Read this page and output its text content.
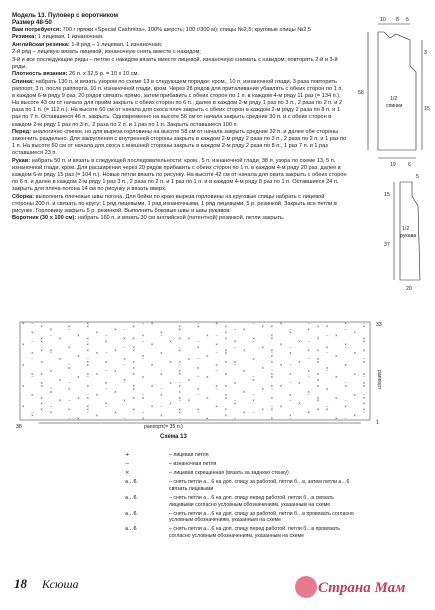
Модель 13. Пуловер с воротником

Размер 48-50

Вам потребуется: 700 г пряжи «Special Cashmira», 100% шерсть; 100 г/300 м); спицы №2,5; круговые спицы №2,5

Резинка: 1 лицевая, 1 изнаночная.

Английская резинка: 1-й ряд – 1 лицевая, 1 изнаночная;

2-й ряд – лицевую вязать лицевой, изнаночную снять вместе с накидом;

3-й и все последующие ряды – петлю с накидом вязать вместе лицевой, изнаночную снимать с накидом; повторять 2-й и 3-й ряды.

Плотность вязания: 26 п. х 32,5 р. = 10 х 10 см.

Спинка: набрать 130 п. и вязать узором по схеме 13 в следующем порядке: кром., 10 п. изнаночной глади, 3 раза повторить раппорт, 3 п. после раппорта, 10 п. изнаночной глади, кром. Через 28 рядов для приталивания убавлять с обеих сторон по 1 п. в каждом 6-м ряду 9 раз. 20 рядов связать прямо, затем прибавить с обеих сторон по 1 п. в каждом 4-м ряду 11 раз (= 134 п.). На высоте 43 см от начала для пройм закрыть с обеих сторон по 6 п., далее в каждом 2-м ряду 1 раз по 3 п., 2 раза по 2 п. и 2 раза по 1 п. (= 112 п.). На высоте 60 см от начала для скоса плеч закрыть с обеих сторон в каждом 2-м ряду 2 раза по 8 п. и 1 раз по 7 п. Оставшиеся 46 п. закрыть. Одновременно на высоте 56 см от начала закрыть средние 30 п. и с обеих сторон в каждом 2-м ряду 1 раз по 3 п., 2 раза по 2 п. и 1 раз по 1 п. Закрыть оставшиеся 100 п.

Перед: аналогично спинке, но для выреза горловины на высоте 58 см от начала закрыть средние 32 п. и далее обе стороны закончить раздельно. Для закругления с внутренней стороны закрыть в каждом 2-м ряду 2 раза по 3 п., 2 раза по 2 п. и 1 раз по 1 п. На высоте 60 см от начала для скоса с внешней стороны закрыть в каждом 2-м ряду 2 раза по 8 п., 1 раз 7 п. и 1 раз оставшиеся 23 п.

Рукав: набрать 50 п. и вязать в следующей последовательности: кром., 5 п. изнаночной глади, 38 п. узора по схеме 13, 5 п. изнаночной глади, кром. Для расширения через 20 рядов прибавить с обеих сторон по 1 п. в каждом 4-м ряду 20 раз, далее в каждом 6-м ряду 15 раз (= 104 п.). Новые петли вязать по рисунку. На высоте 42 см от начала для оката закрыть с обеих сторон по 6 п. и далее в каждом 2-м ряду 1 раз 3 п., 2 раза по 2 п. и 1 раз по 1 п. и в каждом 4-м ряду 8 раз по 1 п. Оставшиеся 24 п. закрыть для плеча-погона 14 см по рисунку и вязать вверх.

Сборка: выполнить плечевые швы погона. Для бейки по краю выреза горловины на круговые спицы набрать с лицевой стороны 200 п. и связать по кругу: 1 ряд лицевыми, 1 ряд изнаночными, 1 ряд лицевыми, 5 р. резинкой. Закрыть все петли в рисунке. Горловину закрыть 5 р. резинкой. Выполнить боковые швы и швы рукавов.

Воротник (30 х 100 см): набрать 160 п. и вязать 30 см английской (патентной) резинкой, петли закрыть.

10 8 5
58
3
15
1/2
спинки
19 6
5
15
37
1/2
рукава
20
× −	×	− ×	−	×	−	×	−	×	−
×	×	×	×	×	×	×	× ×	× ×	×
×	−	× −	×	− ×	−	×	−
×	×	×	×	×	×
−	×	−	×	−	× −	×	− ×
×	×	×	× ×	× ×	×	×	×	×	×
− ×	−	×	−	×	−	×	−	× −	×
×	×	×	×	×	×
×	− ×	−	×	−	×	−	×	−
× ×	×	×	×	×	×	×	×	× ×	×
×	−	× −	×	− ×	−	×	−	×
×	×	×	×	×
−	×	−	×	−	× −	×	− ×	−
×	×	×	×	× ×	× ×	×	×	×	×
×	−	×	−	×	−	×	−	× −	×
×	×	×	×	×
×	− ×	−	×	−	×	−	×	−
× ×	× ×	×	×	×	×	×	×	×	× ×
−	× −	×	− ×	−	×	−	×	−
×	×	×	×	×
×	−	×	−	× −	×	− ×	−	×
×	×	×	×	×	×	× ×	× ×	×	×	×
−	×	−	×	−	×	−	× −	×
×	×	×	×	×
×	− ×	−	×	−	×	−	×	−	× −
×	× ×	× ×	×	×	×	×	×	×	×
× −	×	− ×	−	×	−	×	−
×	×	×	×	×	×
×	−	×	−	× −	×	− ×	−	×
×	×	×	×	×	×	×	× ×	× ×	×
−	×	−	×	−	×	−	× −	×	−
×	×	×	×	×	×
− ×	−	×	−	×	−	×	−	× −
33
1
38	раппорт(= 35 п.)
раппорт
Схема 13
+	– лицевая петля
−	– изнаночная петля
×	– лицевая скрещенная (вязать за заднюю стенку)
a…6	– снять петли а…6 на доп. спицу за работой, петли б…в, затем петли а…6 связать лицевыми
a…6	– снять петли а…6 на доп. спицу перед работой, петли б…в связать лицевыми согласно условным обозначениям, указанным на схеме
a…6	– снять петли а…6 на доп. спицу за работой, петли б…в провязать согласно условным обозначениям, указанным на схеме
a…6	– снять петли а…6 на доп. спицу перед работой, петли б…в провязать согласно условным обозначениям, указанным на схеме
18 Ксюша	Страна Мам
